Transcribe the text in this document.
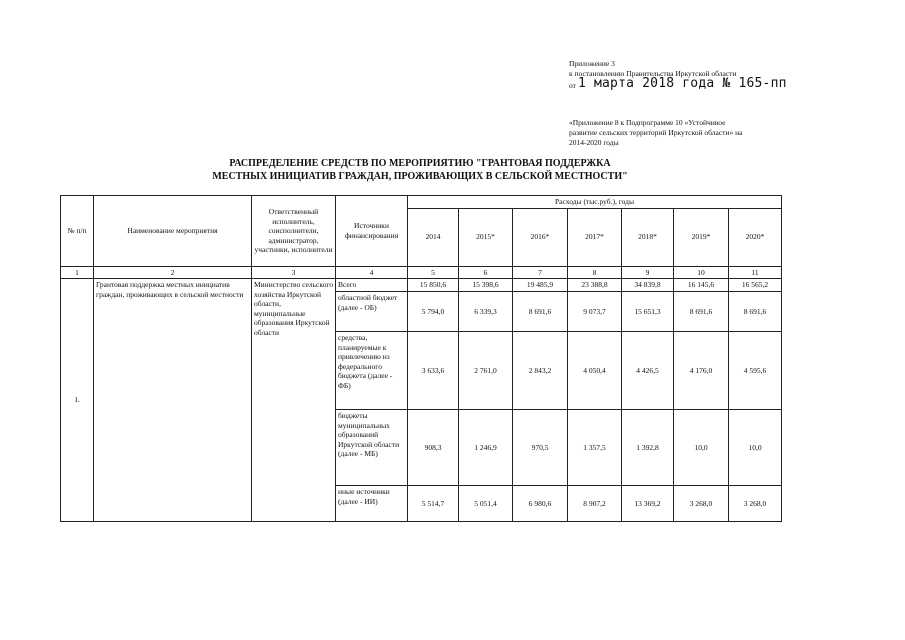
Приложение 3
к постановлению Правительства Иркутской области
от 1 марта 2018 года № 165-пп
«Приложение 8 к Подпрограмме 10 «Устойчивое
развитие сельских территорий Иркутской области» на
2014-2020 годы
РАСПРЕДЕЛЕНИЕ СРЕДСТВ ПО МЕРОПРИЯТИЮ "ГРАНТОВАЯ ПОДДЕРЖКА
МЕСТНЫХ ИНИЦИАТИВ ГРАЖДАН, ПРОЖИВАЮЩИХ В СЕЛЬСКОЙ МЕСТНОСТИ"
№ п/п	Наименование мероприятия	Ответственный исполнитель, соисполнители, администратор, участники, исполнители	Источники финансирования	Расходы (тыс.руб.), годы						
				2014	2015*	2016*	2017*	2018*	2019*	2020*
1	2	3	4	5	6	7	8	9	10	11
1.	Грантовая поддержка местных инициатив граждан, проживающих в сельской местности	Министерство сельского хозяйства Иркутской области, муниципальные образования Иркутской области	Всего	15 850,6	15 398,6	19 485,9	23 388,8	34 839,8	16 145,6	16 565,2
			областной бюджет (далее - ОБ)	5 794,0	6 339,3	8 691,6	9 073,7	15 651,3	8 691,6	8 691,6
			средства, планируемые к привлечению из федерального бюджета (далее - ФБ)	3 633,6	2 761,0	2 843,2	4 050,4	4 426,5	4 176,0	4 595,6
			бюджеты муниципальных образований Иркутской области (далее - МБ)	908,3	1 246,9	970,5	1 357,5	1 392,8	10,0	10,0
			иные источники (далее - ИИ)	5 514,7	5 051,4	6 980,6	8 907,2	13 369,2	3 268,0	3 268,0
